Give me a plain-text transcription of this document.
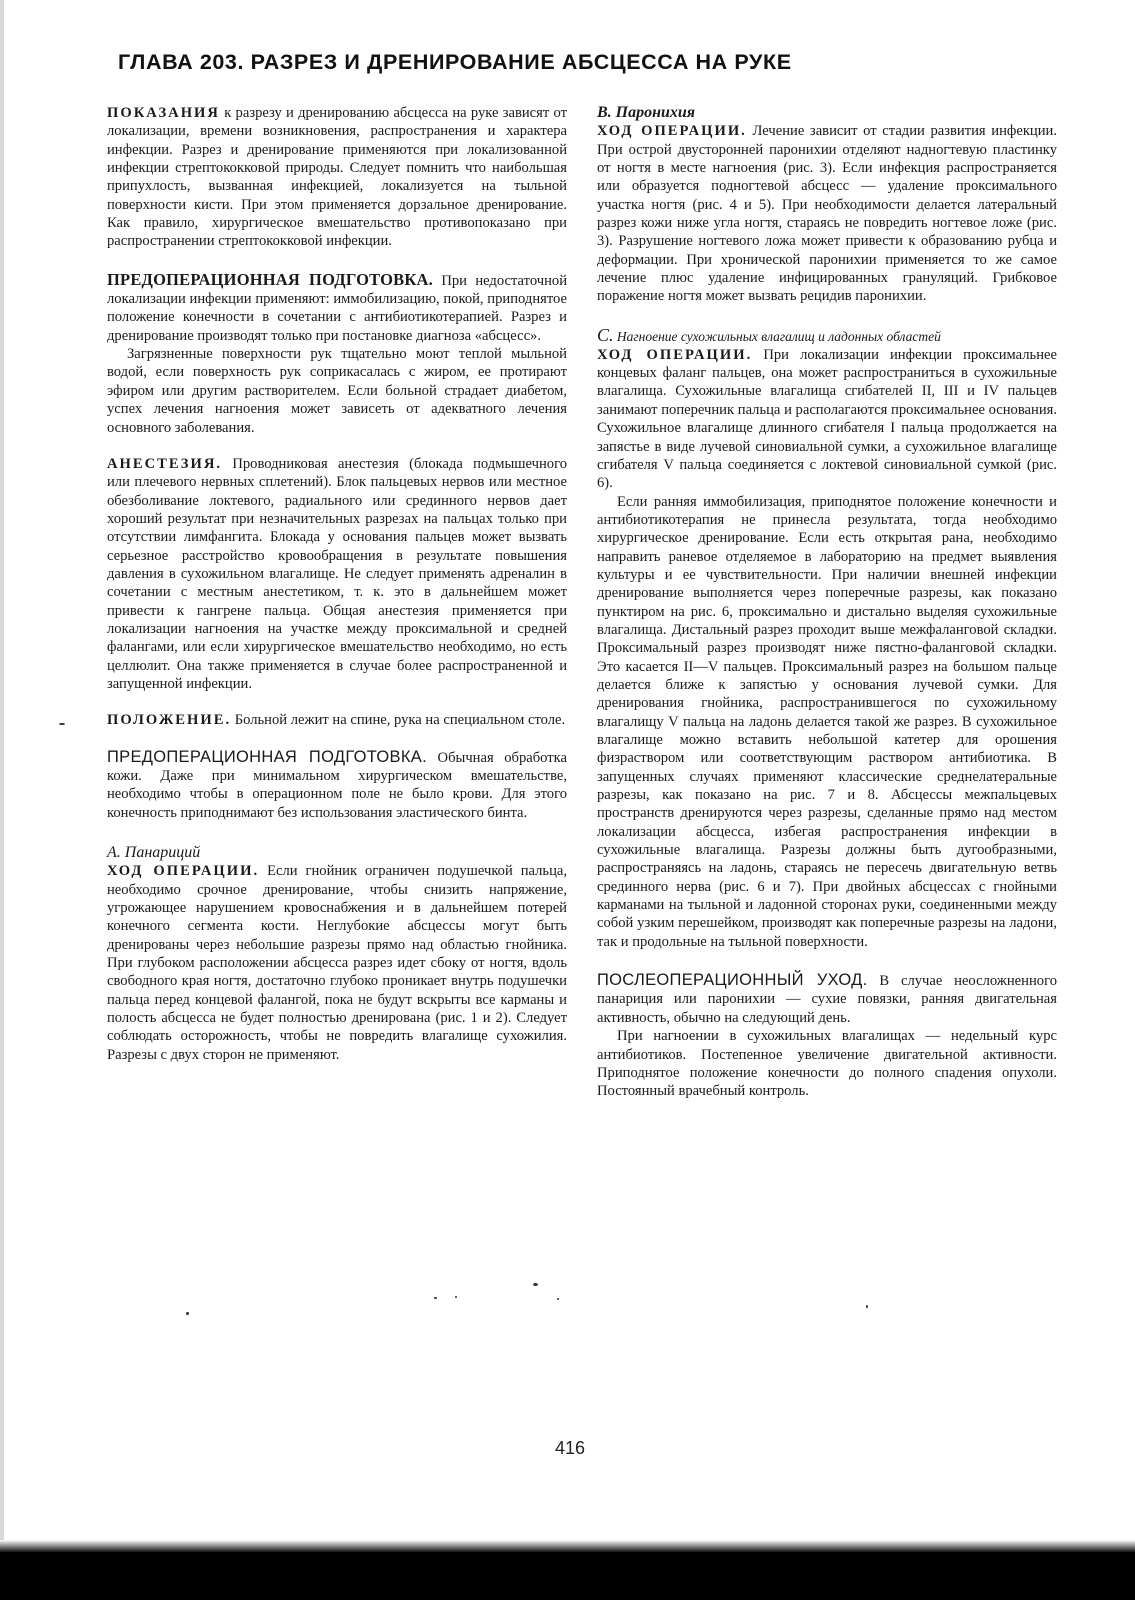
ГЛАВА 203. РАЗРЕЗ И ДРЕНИРОВАНИЕ АБСЦЕССА НА РУКЕ

ПОКАЗАНИЯ к разрезу и дренированию абсцесса на руке зависят от локализации, времени возникновения, распространения и характера инфекции. Разрез и дренирование применяются при локализованной инфекции стрептококковой природы. Следует помнить что наибольшая припухлость, вызванная инфекцией, локализуется на тыльной поверхности кисти. При этом применяется дорзальное дренирование. Как правило, хирургическое вмешательство противопоказано при распространении стрептококковой инфекции.

ПРЕДОПЕРАЦИОННАЯ ПОДГОТОВКА. При недостаточной локализации инфекции применяют: иммобилизацию, покой, приподнятое положение конечности в сочетании с антибиотикотерапией. Разрез и дренирование производят только при постановке диагноза «абсцесс».

Загрязненные поверхности рук тщательно моют теплой мыльной водой, если поверхность рук соприкасалась с жиром, ее протирают эфиром или другим растворителем. Если больной страдает диабетом, успех лечения нагноения может зависеть от адекватного лечения основного заболевания.

АНЕСТЕЗИЯ. Проводниковая анестезия (блокада подмышечного или плечевого нервных сплетений). Блок пальцевых нервов или местное обезболивание локтевого, радиального или срединного нервов дает хороший результат при незначительных разрезах на пальцах только при отсутствии лимфангита. Блокада у основания пальцев может вызвать серьезное расстройство кровообращения в результате повышения давления в сухожильном влагалище. Не следует применять адреналин в сочетании с местным анестетиком, т. к. это в дальнейшем может привести к гангрене пальца. Общая анестезия применяется при локализации нагноения на участке между проксимальной и средней фалангами, или если хирургическое вмешательство необходимо, но есть целлюлит. Она также применяется в случае более распространенной и запущенной инфекции.

ПОЛОЖЕНИЕ. Больной лежит на спине, рука на специальном столе.

ПРЕДОПЕРАЦИОННАЯ ПОДГОТОВКА. Обычная обработка кожи. Даже при минимальном хирургическом вмешательстве, необходимо чтобы в операционном поле не было крови. Для этого конечность приподнимают без использования эластического бинта.

А. Панариций

ХОД ОПЕРАЦИИ. Если гнойник ограничен подушечкой пальца, необходимо срочное дренирование, чтобы снизить напряжение, угрожающее нарушением кровоснабжения и в дальнейшем потерей конечного сегмента кости. Неглубокие абсцессы могут быть дренированы через небольшие разрезы прямо над областью гнойника. При глубоком расположении абсцесса разрез идет сбоку от ногтя, вдоль свободного края ногтя, достаточно глубоко проникает внутрь подушечки пальца перед концевой фалангой, пока не будут вскрыты все карманы и полость абсцесса не будет полностью дренирована (рис. 1 и 2). Следует соблюдать осторожность, чтобы не повредить влагалище сухожилия. Разрезы с двух сторон не применяют.

В. Паронихия

ХОД ОПЕРАЦИИ. Лечение зависит от стадии развития инфекции. При острой двусторонней паронихии отделяют надногтевую пластинку от ногтя в месте нагноения (рис. 3). Если инфекция распространяется или образуется подногтевой абсцесс — удаление проксимального участка ногтя (рис. 4 и 5). При необходимости делается латеральный разрез кожи ниже угла ногтя, стараясь не повредить ногтевое ложе (рис. 3). Разрушение ногтевого ложа может привести к образованию рубца и деформации. При хронической паронихии применяется то же самое лечение плюс удаление инфицированных грануляций. Грибковое поражение ногтя может вызвать рецидив паронихии.

С. Нагноение сухожильных влагалищ и ладонных областей

ХОД ОПЕРАЦИИ. При локализации инфекции проксимальнее концевых фаланг пальцев, она может распространиться в сухожильные влагалища. Сухожильные влагалища сгибателей II, III и IV пальцев занимают поперечник пальца и располагаются проксимальнее основания. Сухожильное влагалище длинного сгибателя I пальца продолжается на запястье в виде лучевой синовиальной сумки, а сухожильное влагалище сгибателя V пальца соединяется с локтевой синовиальной сумкой (рис. 6).

Если ранняя иммобилизация, приподнятое положение конечности и антибиотикотерапия не принесла результата, тогда необходимо хирургическое дренирование. Если есть открытая рана, необходимо направить раневое отделяемое в лабораторию на предмет выявления культуры и ее чувствительности. При наличии внешней инфекции дренирование выполняется через поперечные разрезы, как показано пунктиром на рис. 6, проксимально и дистально выделяя сухожильные влагалища. Дистальный разрез проходит выше межфаланговой складки. Проксимальный разрез производят ниже пястно-фаланговой складки. Это касается II—V пальцев. Проксимальный разрез на большом пальце делается ближе к запястью у основания лучевой сумки. Для дренирования гнойника, распространившегося по сухожильному влагалищу V пальца на ладонь делается такой же разрез. В сухожильное влагалище можно вставить небольшой катетер для орошения физраствором или соответствующим раствором антибиотика. В запущенных случаях применяют классические среднелатеральные разрезы, как показано на рис. 7 и 8. Абсцессы межпальцевых пространств дренируются через разрезы, сделанные прямо над местом локализации абсцесса, избегая распространения инфекции в сухожильные влагалища. Разрезы должны быть дугообразными, распространяясь на ладонь, стараясь не пересечь двигательную ветвь срединного нерва (рис. 6 и 7). При двойных абсцессах с гнойными карманами на тыльной и ладонной сторонах руки, соединенными между собой узким перешейком, производят как поперечные разрезы на ладони, так и продольные на тыльной поверхности.

ПОСЛЕОПЕРАЦИОННЫЙ УХОД. В случае неосложненного панариция или паронихии — сухие повязки, ранняя двигательная активность, обычно на следующий день.

При нагноении в сухожильных влагалищах — недельный курс антибиотиков. Постепенное увеличение двигательной активности. Приподнятое положение конечности до полного спадения опухоли. Постоянный врачебный контроль.

416
